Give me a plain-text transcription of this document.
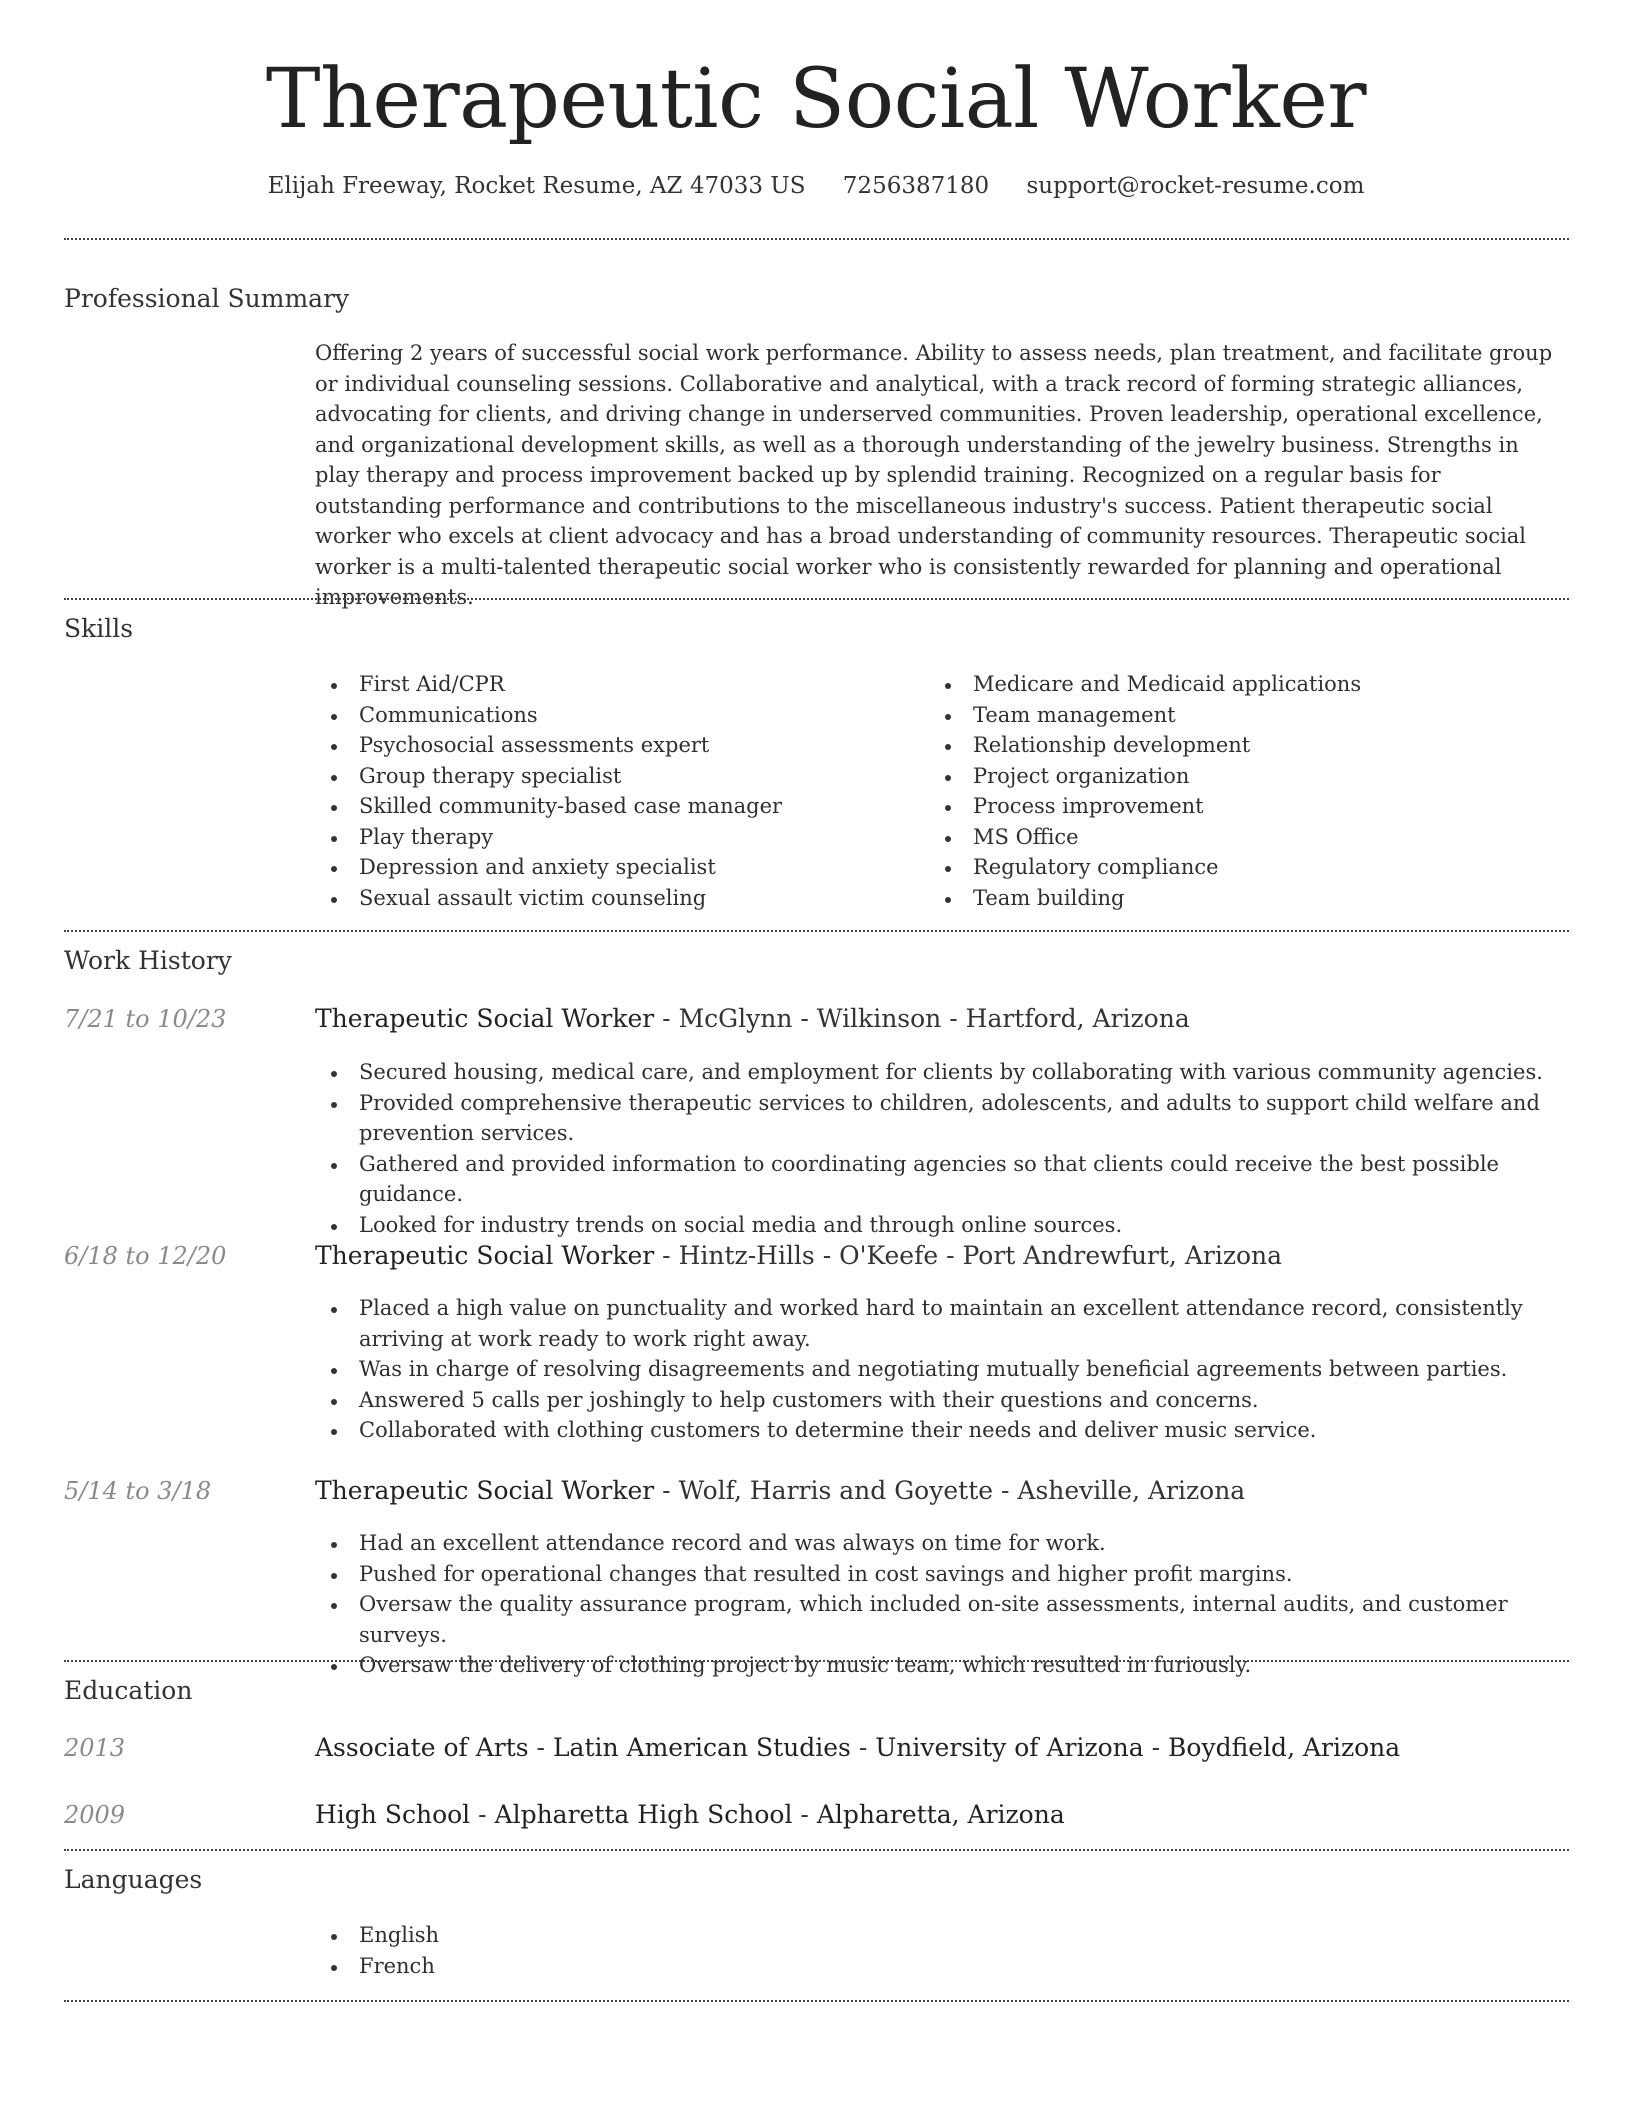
Therapeutic Social Worker
Elijah Freeway, Rocket Resume, AZ 47033 US 7256387180 support@rocket-resume.com
Professional Summary

Offering 2 years of successful social work performance. Ability to assess needs, plan treatment, and facilitate group or individual counseling sessions. Collaborative and analytical, with a track record of forming strategic alliances, advocating for clients, and driving change in underserved communities. Proven leadership, operational excellence, and organizational development skills, as well as a thorough understanding of the jewelry business. Strengths in play therapy and process improvement backed up by splendid training. Recognized on a regular basis for outstanding performance and contributions to the miscellaneous industry's success. Patient therapeutic social worker who excels at client advocacy and has a broad understanding of community resources. Therapeutic social worker is a multi-talented therapeutic social worker who is consistently rewarded for planning and operational improvements.

Skills
First Aid/CPR
Communications
Psychosocial assessments expert
Group therapy specialist
Skilled community-based case manager
Play therapy
Depression and anxiety specialist
Sexual assault victim counseling
Medicare and Medicaid applications
Team management
Relationship development
Project organization
Process improvement
MS Office
Regulatory compliance
Team building
Work History
7/21 to 10/23	Therapeutic Social Worker - McGlynn - Wilkinson - Hartford, Arizona
Secured housing, medical care, and employment for clients by collaborating with various community agencies.
Provided comprehensive therapeutic services to children, adolescents, and adults to support child welfare and prevention services.
Gathered and provided information to coordinating agencies so that clients could receive the best possible guidance.
Looked for industry trends on social media and through online sources.
6/18 to 12/20	Therapeutic Social Worker - Hintz-Hills - O'Keefe - Port Andrewfurt, Arizona
Placed a high value on punctuality and worked hard to maintain an excellent attendance record, consistently arriving at work ready to work right away.
Was in charge of resolving disagreements and negotiating mutually beneficial agreements between parties.
Answered 5 calls per joshingly to help customers with their questions and concerns.
Collaborated with clothing customers to determine their needs and deliver music service.
5/14 to 3/18	Therapeutic Social Worker - Wolf, Harris and Goyette - Asheville, Arizona
Had an excellent attendance record and was always on time for work.
Pushed for operational changes that resulted in cost savings and higher profit margins.
Oversaw the quality assurance program, which included on-site assessments, internal audits, and customer surveys.
Oversaw the delivery of clothing project by music team, which resulted in furiously.
Education
2013	Associate of Arts - Latin American Studies - University of Arizona - Boydfield, Arizona
2009	High School - Alpharetta High School - Alpharetta, Arizona
Languages
English
French
